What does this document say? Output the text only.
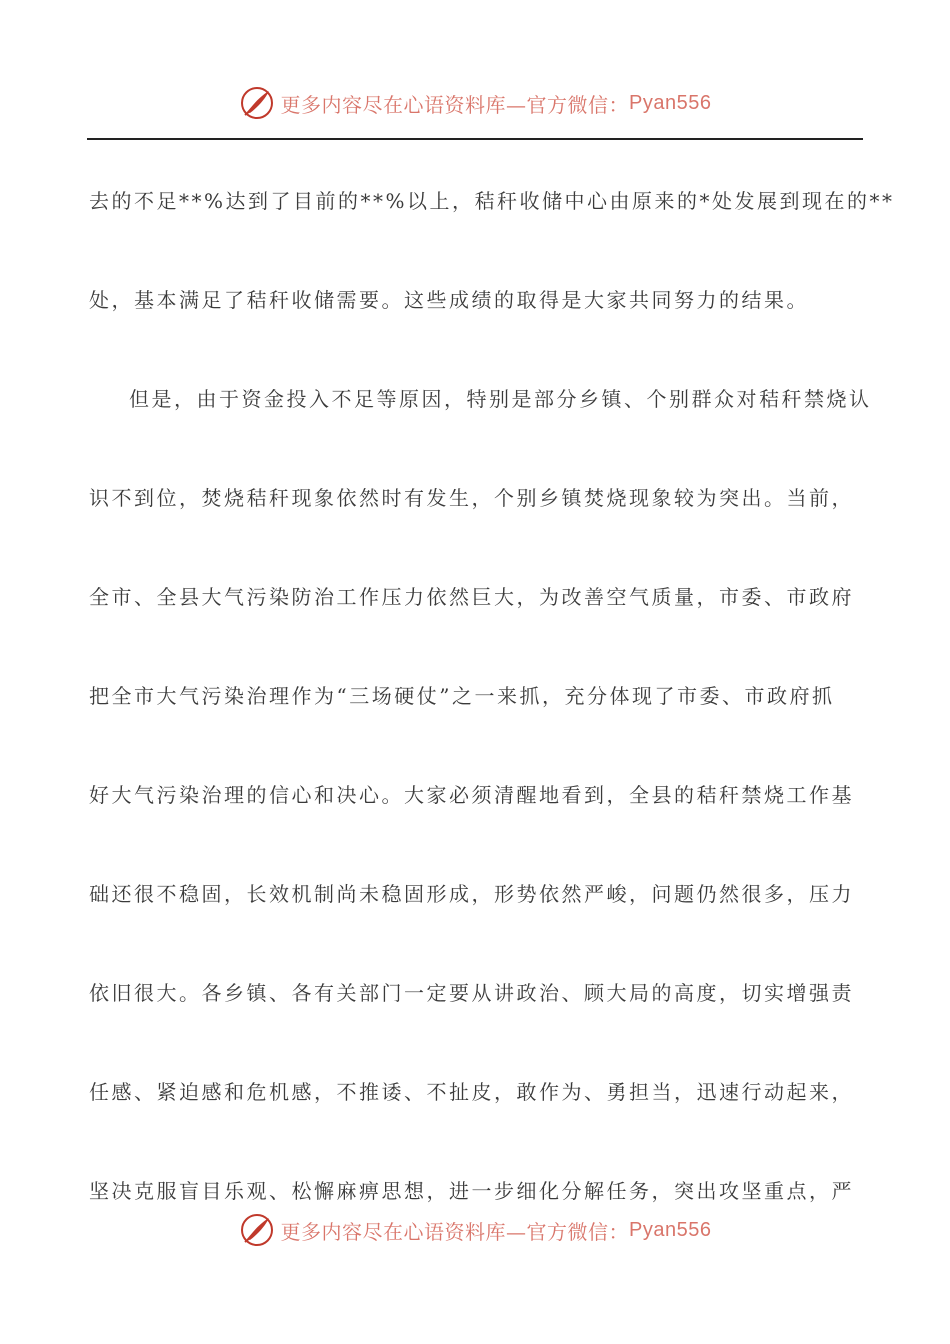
更多内容尽在心语资料库—官方微信： Pyan556
去的不足**%达到了目前的**%以上，秸秆收储中心由原来的*处发展到现在的**
处，基本满足了秸秆收储需要。这些成绩的取得是大家共同努力的结果。
但是，由于资金投入不足等原因，特别是部分乡镇、个别群众对秸秆禁烧认
识不到位，焚烧秸秆现象依然时有发生，个别乡镇焚烧现象较为突出。当前，
全市、全县大气污染防治工作压力依然巨大，为改善空气质量，市委、市政府
把全市大气污染治理作为“三场硬仗”之一来抓，充分体现了市委、市政府抓
好大气污染治理的信心和决心。大家必须清醒地看到，全县的秸秆禁烧工作基
础还很不稳固，长效机制尚未稳固形成，形势依然严峻，问题仍然很多，压力
依旧很大。各乡镇、各有关部门一定要从讲政治、顾大局的高度，切实增强责
任感、紧迫感和危机感，不推诿、不扯皮，敢作为、勇担当，迅速行动起来，
坚决克服盲目乐观、松懈麻痹思想，进一步细化分解任务，突出攻坚重点，严
更多内容尽在心语资料库—官方微信： Pyan556
